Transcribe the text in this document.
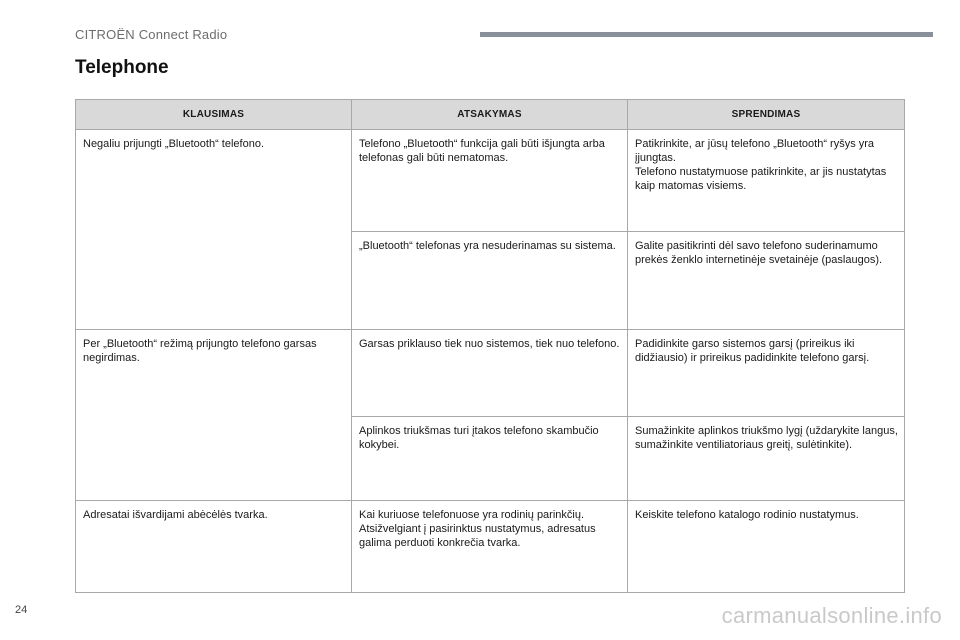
CITROËN Connect Radio
Telephone
KLAUSIMAS	ATSAKYMAS	SPRENDIMAS
Negaliu prijungti „Bluetooth“ telefono.	Telefono „Bluetooth“ funkcija gali būti išjungta arba telefonas gali būti nematomas.	Patikrinkite, ar jūsų telefono „Bluetooth“ ryšys yra įjungtas.
Telefono nustatymuose patikrinkite, ar jis nustatytas kaip matomas visiems.

	„Bluetooth“ telefonas yra nesuderinamas su sistema.	Galite pasitikrinti dėl savo telefono suderinamumo prekės ženklo internetinėje svetainėje (paslaugos).

Per „Bluetooth“ režimą prijungto telefono garsas negirdimas.	Garsas priklauso tiek nuo sistemos, tiek nuo telefono.	Padidinkite garso sistemos garsį (prireikus iki didžiausio) ir prireikus padidinkite telefono garsį.

	Aplinkos triukšmas turi įtakos telefono skambučio kokybei.	Sumažinkite aplinkos triukšmo lygį (uždarykite langus, sumažinkite ventiliatoriaus greitį, sulėtinkite).

Adresatai išvardijami abėcėlės tvarka.	Kai kuriuose telefonuose yra rodinių parinkčių. Atsižvelgiant į pasirinktus nustatymus, adresatus galima perduoti konkrečia tvarka.	Keiskite telefono katalogo rodinio nustatymus.
24	carmanualsonline.info
